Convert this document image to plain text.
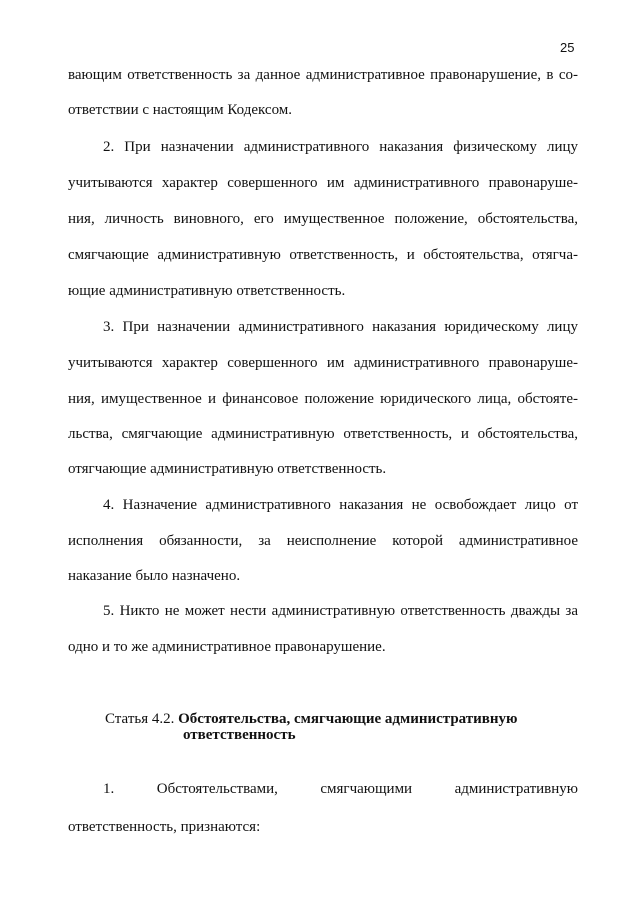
25
вающим ответственность за данное административное правонарушение, в со-
ответствии с настоящим Кодексом.
2. При назначении административного наказания физическому лицу
учитываются характер совершенного им административного правонаруше-
ния, личность виновного, его имущественное положение, обстоятельства,
смягчающие административную ответственность, и обстоятельства, отягча-
ющие административную ответственность.
3. При назначении административного наказания юридическому лицу
учитываются характер совершенного им административного правонаруше-
ния, имущественное и финансовое положение юридического лица, обстояте-
льства, смягчающие административную ответственность, и обстоятельства,
отягчающие административную ответственность.
4. Назначение административного наказания не освобождает лицо от
исполнения обязанности, за неисполнение которой административное
наказание было назначено.
5. Никто не может нести административную ответственность дважды за
одно и то же административное правонарушение.
Статья 4.2. Обстоятельства, смягчающие административную
ответственность
1. Обстоятельствами, смягчающими административную
ответственность, признаются:
